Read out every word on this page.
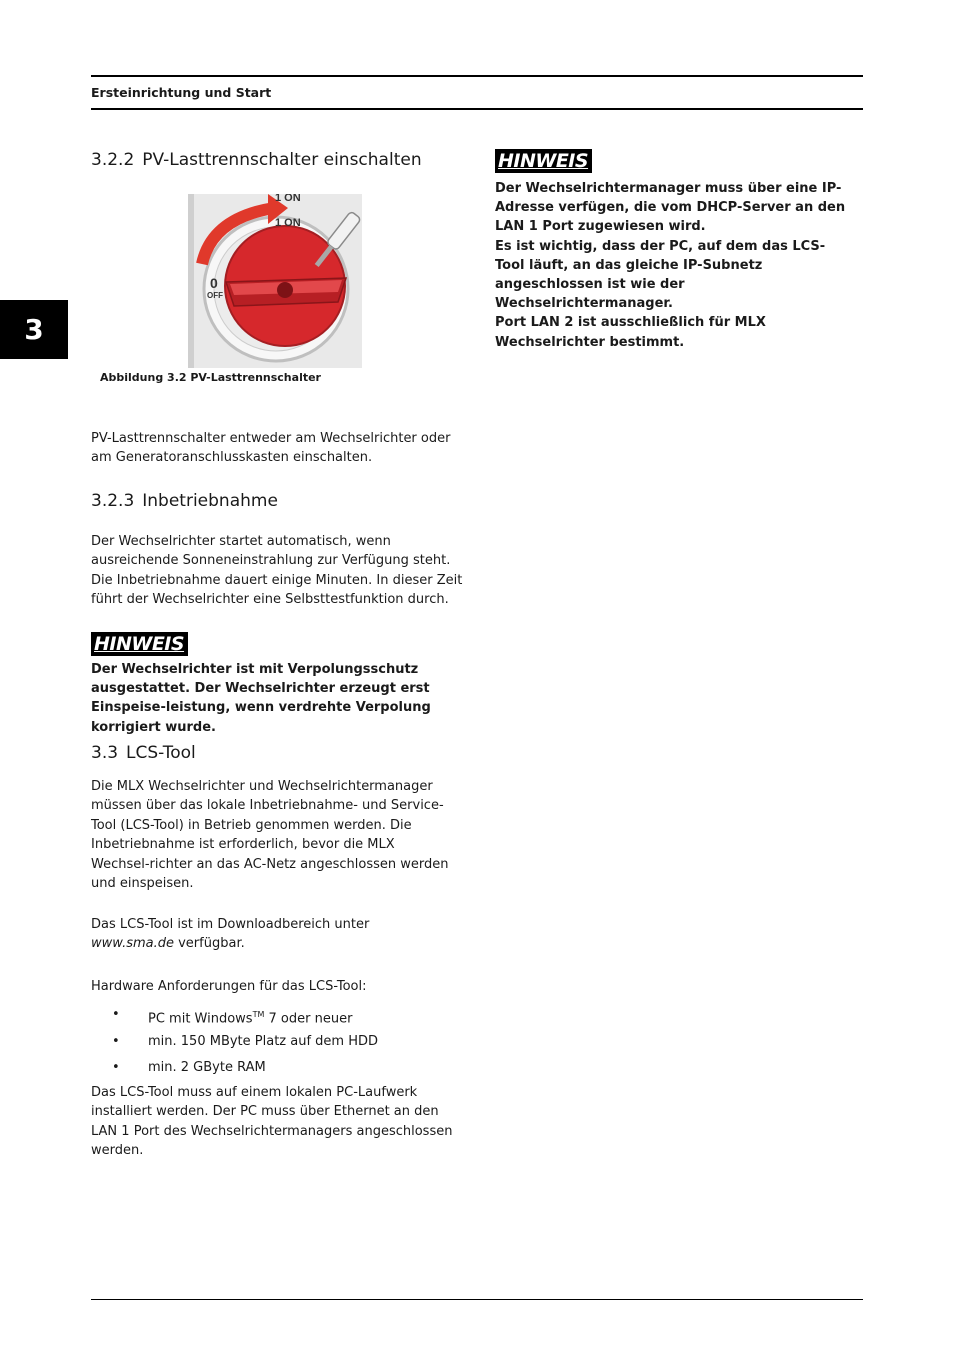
Ersteinrichtung und Start
3
3.2.2 PV-Lasttrennschalter einschalten
1 ON
1 ON
0
OFF
Abbildung 3.2 PV-Lasttrennschalter

PV-Lasttrennschalter entweder am Wechselrichter oder am Generatoranschlusskasten einschalten.

3.2.3 Inbetriebnahme

Der Wechselrichter startet automatisch, wenn ausreichende Sonneneinstrahlung zur Verfügung steht. Die Inbetriebnahme dauert einige Minuten. In dieser Zeit führt der Wechselrichter eine Selbsttestfunktion durch.

HINWEIS

Der Wechselrichter ist mit Verpolungsschutz ausgestattet. Der Wechselrichter erzeugt erst Einspeise-leistung, wenn verdrehte Verpolung korrigiert wurde.

3.3 LCS-Tool

Die MLX Wechselrichter und Wechselrichtermanager müssen über das lokale Inbetriebnahme- und Service-Tool (LCS-Tool) in Betrieb genommen werden. Die Inbetriebnahme ist erforderlich, bevor die MLX Wechsel-richter an das AC-Netz angeschlossen werden und einspeisen.

Das LCS-Tool ist im Downloadbereich unter www.sma.de verfügbar.

Hardware Anforderungen für das LCS-Tool:

• PC mit Windows™ 7 oder neuer
• min. 150 MByte Platz auf dem HDD
• min. 2 GByte RAM

Das LCS-Tool muss auf einem lokalen PC-Laufwerk installiert werden. Der PC muss über Ethernet an den LAN 1 Port des Wechselrichtermanagers angeschlossen werden.

HINWEIS

Der Wechselrichtermanager muss über eine IP-Adresse verfügen, die vom DHCP-Server an den LAN 1 Port zugewiesen wird.

Es ist wichtig, dass der PC, auf dem das LCS-Tool läuft, an das gleiche IP-Subnetz angeschlossen ist wie der Wechselrichtermanager.

Port LAN 2 ist ausschließlich für MLX Wechselrichter bestimmt.
